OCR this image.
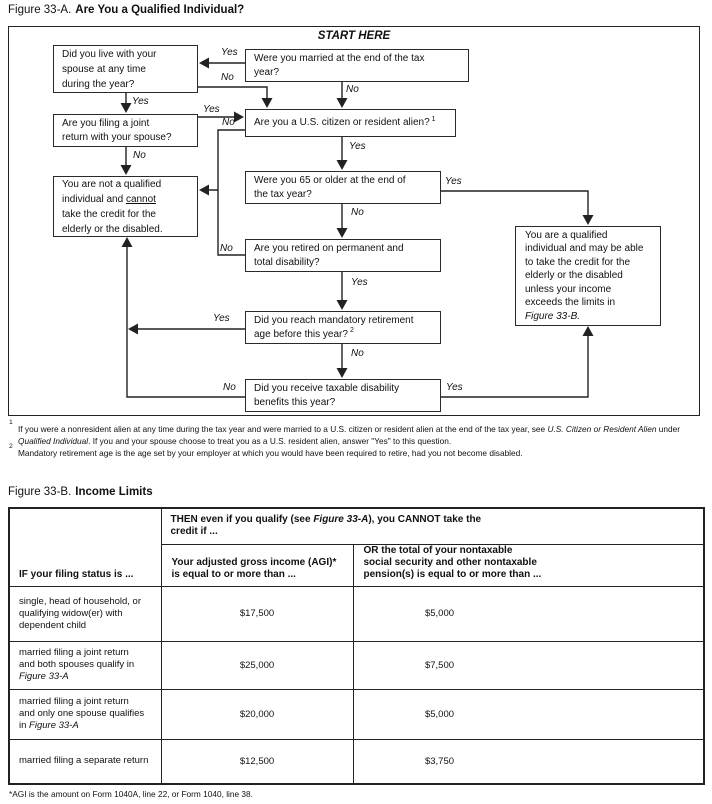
Figure 33-A. Are You a Qualified Individual?
START HERE
Did you live with your
spouse at any time
during the year?
Were you married at the end of the tax
year?
Are you filing a joint
return with your spouse?
Are you a U.S. citizen or resident alien? $^1$
You are not a qualified
individual and cannot
take the credit for the
elderly or the disabled.
Were you 65 or older at the end of
the tax year?
Are you retired on permanent and
total disability?
Did you reach mandatory retirement
age before this year? $^2$
Did you receive taxable disability
benefits this year?
You are a qualified
individual and may be able
to take the credit for the
elderly or the disabled
unless your income
exceeds the limits in
Figure 33-B.
Yes
No
No
Yes
Yes
No
No
Yes
Yes
No
No
Yes
Yes
No
No	Yes
1
If you were a nonresident alien at any time during the tax year and were married to a U.S. citizen or resident alien at the end of the tax year, see U.S. Citizen or Resident Alien under Qualified Individual. If you and your spouse choose to treat you as a U.S. resident alien, answer "Yes" to this question.
2
Mandatory retirement age is the age set by your employer at which you would have been required to retire, had you not become disabled.
Figure 33-B. Income Limits
IF your filing status is ...	THEN even if you qualify (see Figure 33-A), you CANNOT take the
credit if ...	

Your adjusted gross income (AGI)*
is equal to or more than ...

OR the total of your nontaxable
social security and other nontaxable
pension(s) is equal to or more than ...

single, head of household, or
qualifying widow(er) with
dependent child	$17,500	$5,000

married filing a joint return
and both spouses qualify in
Figure 33-A	$25,000	$7,500

married filing a joint return
and only one spouse qualifies
in Figure 33-A	$20,000	$5,000

married filing a separate return	$12,500	$3,750
*AGI is the amount on Form 1040A, line 22, or Form 1040, line 38.
